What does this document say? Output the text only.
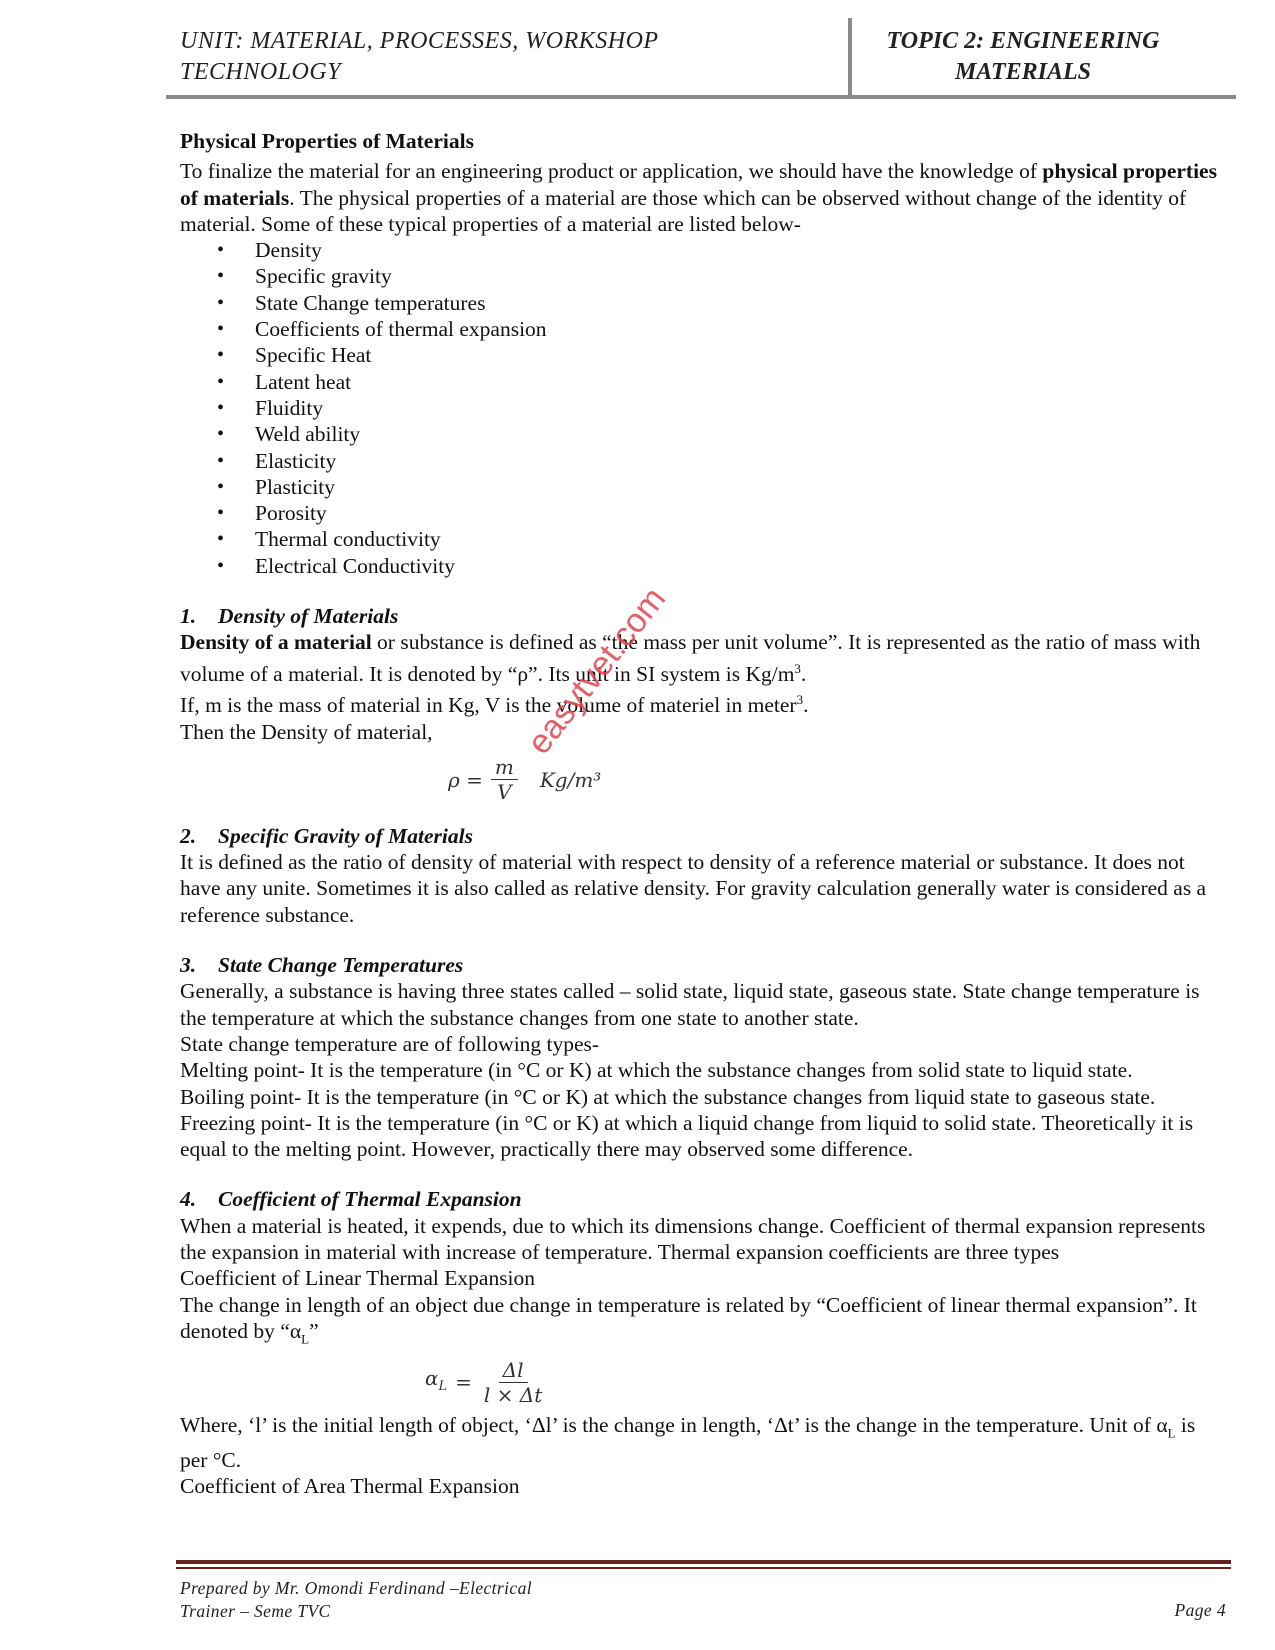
UNIT: MATERIAL, PROCESSES, WORKSHOP
TECHNOLOGY
TOPIC 2: ENGINEERING
MATERIALS

Physical Properties of Materials

To finalize the material for an engineering product or application, we should have the knowledge of physical properties of materials. The physical properties of a material are those which can be observed without change of the identity of material. Some of these typical properties of a material are listed below-

• Density
• Specific gravity
• State Change temperatures
• Coefficients of thermal expansion
• Specific Heat
• Latent heat
• Fluidity
• Weld ability
• Elasticity
• Plasticity
• Porosity
• Thermal conductivity
• Electrical Conductivity

1. Density of Materials

Density of a material or substance is defined as “the mass per unit volume”. It is represented as the ratio of mass with volume of a material. It is denoted by “ρ”. Its unit in SI system is $Kg/m^3$.

If, m is the mass of material in Kg, V is the volume of materiel in meter$^3$.

Then the Density of material,

$\rho = \frac{m}{V} Kg/m^3$

2. Specific Gravity of Materials

It is defined as the ratio of density of material with respect to density of a reference material or substance. It does not have any unite. Sometimes it is also called as relative density. For gravity calculation generally water is considered as a reference substance.

3. State Change Temperatures

Generally, a substance is having three states called – solid state, liquid state, gaseous state. State change temperature is the temperature at which the substance changes from one state to another state.

State change temperature are of following types-

Melting point- It is the temperature (in °C or K) at which the substance changes from solid state to liquid state.

Boiling point- It is the temperature (in °C or K) at which the substance changes from liquid state to gaseous state.

Freezing point- It is the temperature (in °C or K) at which a liquid change from liquid to solid state. Theoretically it is equal to the melting point. However, practically there may observed some difference.

4. Coefficient of Thermal Expansion

When a material is heated, it expends, due to which its dimensions change. Coefficient of thermal expansion represents the expansion in material with increase of temperature. Thermal expansion coefficients are three types

Coefficient of Linear Thermal Expansion

The change in length of an object due change in temperature is related by “Coefficient of linear thermal expansion”. It denoted by “$\alpha_L$”

$\alpha_L = \frac{\Delta l}{l \times \Delta t}$

Where, ‘l’ is the initial length of object, ‘Δl’ is the change in length, ‘Δt’ is the change in the temperature. Unit of $\alpha_L$ is per °C.

Coefficient of Area Thermal Expansion

easytvet.com
Prepared by Mr. Omondi Ferdinand –Electrical
Trainer – Seme TVC	Page 4
